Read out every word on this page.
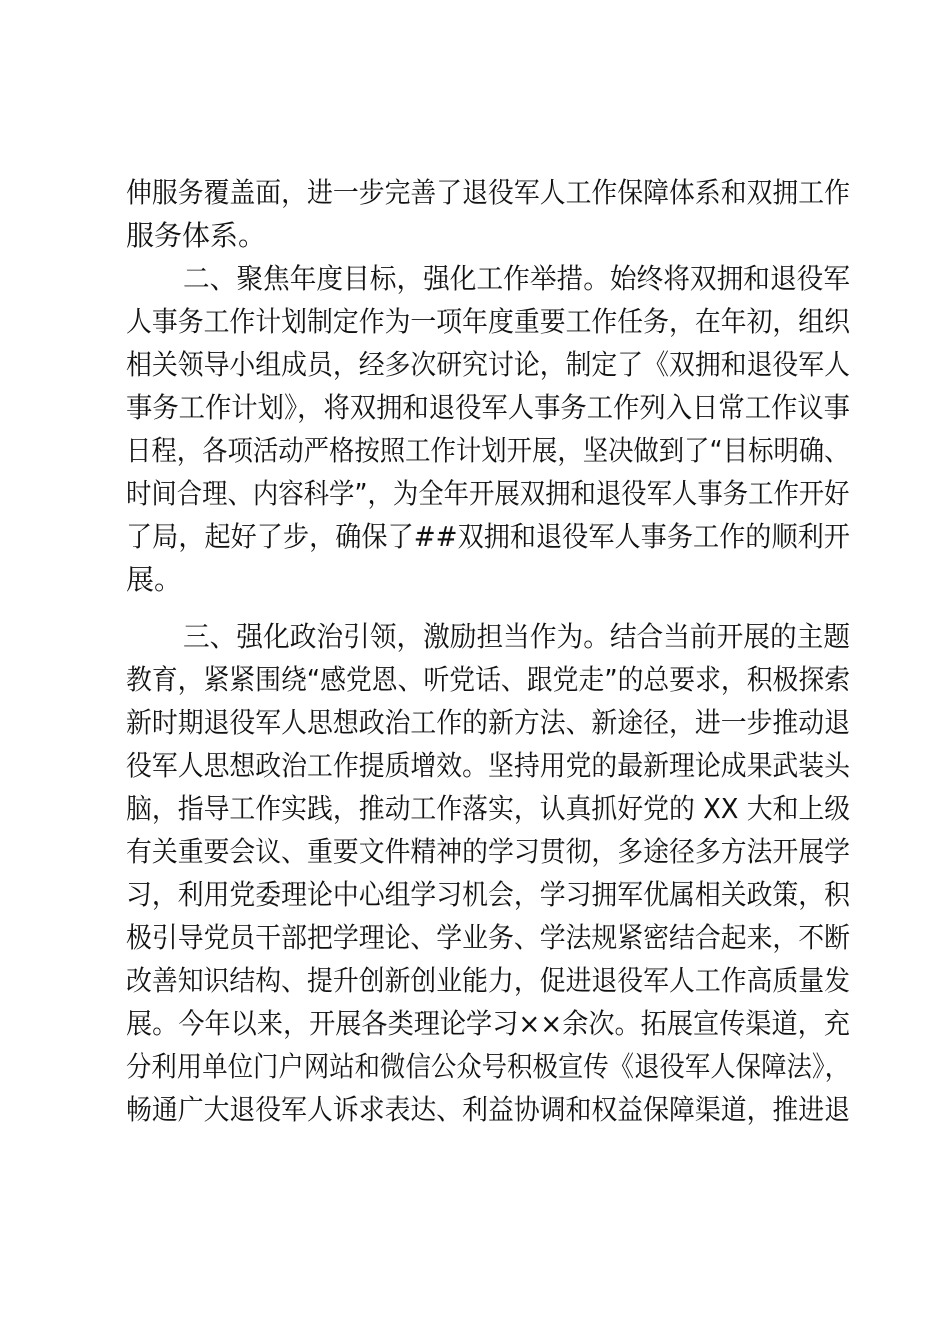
伸服务覆盖面，进一步完善了退役军人工作保障体系和双拥工作
服务体系。
二、聚焦年度目标，强化工作举措。始终将双拥和退役军
人事务工作计划制定作为一项年度重要工作任务，在年初，组织
相关领导小组成员，经多次研究讨论，制定了《双拥和退役军人
事务工作计划》，将双拥和退役军人事务工作列入日常工作议事
日程，各项活动严格按照工作计划开展，坚决做到了“目标明确、
时间合理、内容科学”，为全年开展双拥和退役军人事务工作开好
了局，起好了步，确保了##双拥和退役军人事务工作的顺利开
展。
三、强化政治引领，激励担当作为。结合当前开展的主题
教育，紧紧围绕“感党恩、听党话、跟党走”的总要求，积极探索
新时期退役军人思想政治工作的新方法、新途径，进一步推动退
役军人思想政治工作提质增效。坚持用党的最新理论成果武装头
脑，指导工作实践，推动工作落实，认真抓好党的 XX 大和上级
有关重要会议、重要文件精神的学习贯彻，多途径多方法开展学
习，利用党委理论中心组学习机会，学习拥军优属相关政策，积
极引导党员干部把学理论、学业务、学法规紧密结合起来，不断
改善知识结构、提升创新创业能力，促进退役军人工作高质量发
展。今年以来，开展各类理论学习××余次。拓展宣传渠道，充
分利用单位门户网站和微信公众号积极宣传《退役军人保障法》，
畅通广大退役军人诉求表达、利益协调和权益保障渠道，推进退
